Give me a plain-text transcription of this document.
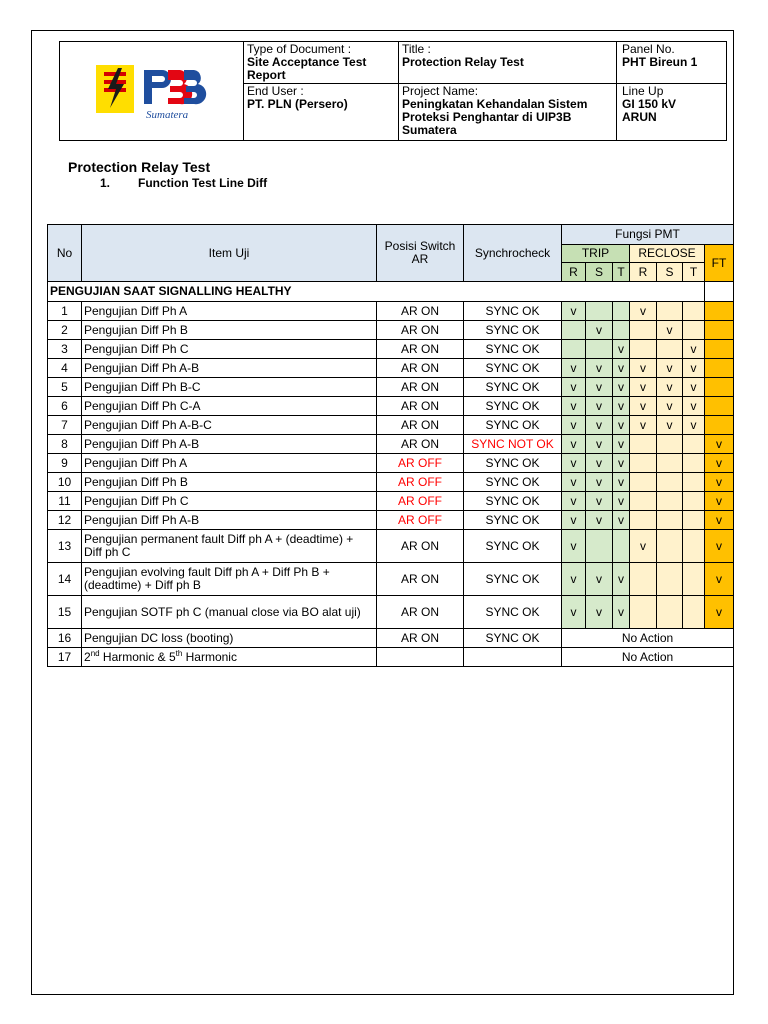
Sumatera
Type of Document :
Site Acceptance Test Report
Title :
Protection Relay Test
Panel No.
PHT Bireun 1
End User :
PT. PLN (Persero)
Project Name:
Peningkatan Kehandalan Sistem Proteksi Penghantar di UIP3B Sumatera
Line Up
GI 150 kV ARUN
Protection Relay Test
1. Function Test Line Diff
No	Item Uji	Posisi Switch AR	Synchrocheck	Fungsi PMT						
				TRIP			RECLOSE			FT
				R	S	T	R	S	T	
PENGUJIAN SAAT SIGNALLING HEALTHY										
1	Pengujian Diff Ph A	AR ON	SYNC OK	v			v			
2	Pengujian Diff Ph B	AR ON	SYNC OK		v			v		
3	Pengujian Diff Ph C	AR ON	SYNC OK			v			v	
4	Pengujian Diff Ph A-B	AR ON	SYNC OK	v	v	v	v	v	v	
5	Pengujian Diff Ph B-C	AR ON	SYNC OK	v	v	v	v	v	v	
6	Pengujian Diff Ph C-A	AR ON	SYNC OK	v	v	v	v	v	v	
7	Pengujian Diff Ph A-B-C	AR ON	SYNC OK	v	v	v	v	v	v	
8	Pengujian Diff Ph A-B	AR ON	SYNC NOT OK	v	v	v				v
9	Pengujian Diff Ph A	AR OFF	SYNC OK	v	v	v				v
10	Pengujian Diff Ph B	AR OFF	SYNC OK	v	v	v				v
11	Pengujian Diff Ph C	AR OFF	SYNC OK	v	v	v				v
12	Pengujian Diff Ph A-B	AR OFF	SYNC OK	v	v	v				v
13	Pengujian permanent fault Diff ph A + (deadtime) + Diff ph C	AR ON	SYNC OK	v			v			v
14	Pengujian evolving fault Diff ph A + Diff Ph B + (deadtime) + Diff ph B	AR ON	SYNC OK	v	v	v				v
15	Pengujian SOTF ph C (manual close via BO alat uji)	AR ON	SYNC OK	v	v	v				v
16	Pengujian DC loss (booting)	AR ON	SYNC OK	No Action						
17	2nd Harmonic & 5th Harmonic			No Action						
